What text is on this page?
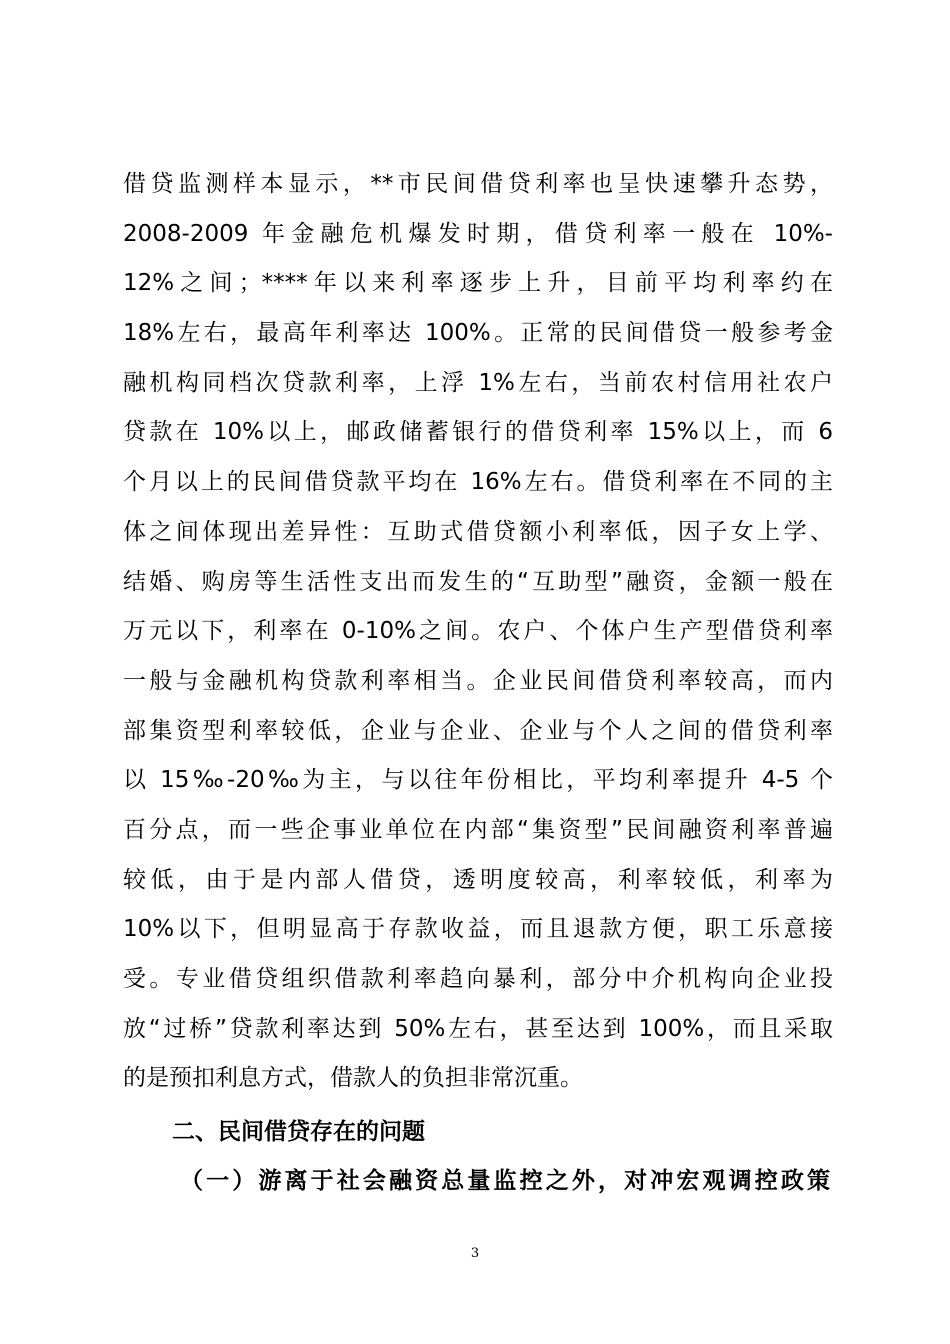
借贷监测样本显示，**市民间借贷利率也呈快速攀升态势，
2008-2009 年金融危机爆发时期，借贷利率一般在 10%-
12%之间；****年以来利率逐步上升，目前平均利率约在
18%左右，最高年利率达 100%。正常的民间借贷一般参考金
融机构同档次贷款利率，上浮 1%左右，当前农村信用社农户
贷款在 10%以上，邮政储蓄银行的借贷利率 15%以上，而 6
个月以上的民间借贷款平均在 16%左右。借贷利率在不同的主
体之间体现出差异性：互助式借贷额小利率低，因子女上学、
结婚、购房等生活性支出而发生的“互助型”融资，金额一般在
万元以下，利率在 0-10%之间。农户、个体户生产型借贷利率
一般与金融机构贷款利率相当。企业民间借贷利率较高，而内
部集资型利率较低，企业与企业、企业与个人之间的借贷利率
以 15‰-20‰为主，与以往年份相比，平均利率提升 4-5 个
百分点，而一些企事业单位在内部“集资型”民间融资利率普遍
较低，由于是内部人借贷，透明度较高，利率较低，利率为
10%以下，但明显高于存款收益，而且退款方便，职工乐意接
受。专业借贷组织借款利率趋向暴利，部分中介机构向企业投
放“过桥”贷款利率达到 50%左右，甚至达到 100%，而且采取
的是预扣利息方式，借款人的负担非常沉重。
二、民间借贷存在的问题
（一）游离于社会融资总量监控之外，对冲宏观调控政策
3
